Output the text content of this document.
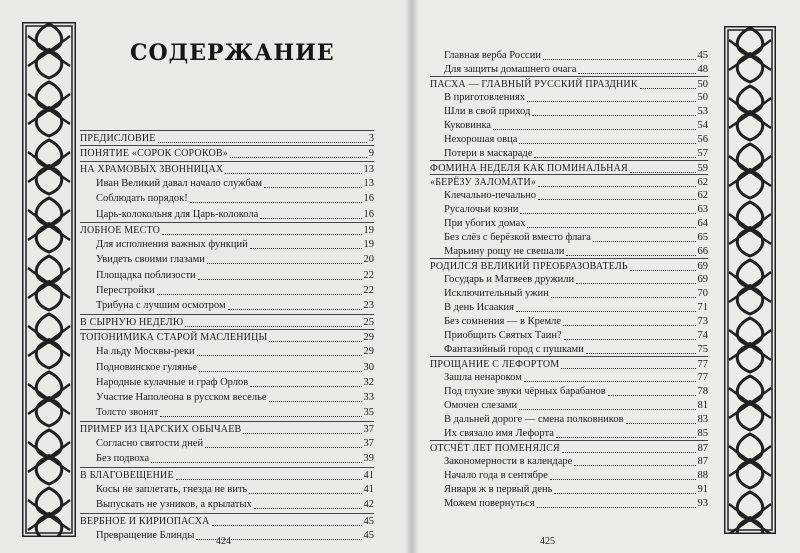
СОДЕРЖАНИЕ
ПРЕДИСЛОВИЕ	3
ПОНЯТИЕ «СОРОК СОРОКОВ»	9
НА ХРАМОВЫХ ЗВОННИЦАХ	13
Иван Великий давал начало службам	13
Соблюдать порядок!	16
Царь-колокольня для Царь-колокола	16
ЛОБНОЕ МЕСТО	19
Для исполнения важных функций	19
Увидеть своими глазами	20
Площадка поблизости	22
Перестройки	22
Трибуна с лучшим осмотром	23
В СЫРНУЮ НЕДЕЛЮ	25
ТОПОНИМИКА СТАРОЙ МАСЛЕНИЦЫ	29
На льду Москвы-реки	29
Подновинское гулянье	30
Народные кулачные и граф Орлов	32
Участие Наполеона в русском веселье	33
Толсто звонят	35
ПРИМЕР ИЗ ЦАРСКИХ ОБЫЧАЕВ	37
Согласно святости дней	37
Без подвоха	39
В БЛАГОВЕЩЕНИЕ	41
Косы не заплетать, гнезда не вить	41
Выпускать не узников, а крылатых	42
ВЕРБНОЕ И КИРИОПАСХА	45
Превращение Блинды	45
Главная верба России	45
Для защиты домашнего очага	48
ПАСХА — ГЛАВНЫЙ РУССКИЙ ПРАЗДНИК	50
В приготовлениях	50
Шли в свой приход	53
Куковинка	54
Нехорошая овца	56
Потери в маскараде	57
ФОМИНА НЕДЕЛЯ КАК ПОМИНАЛЬНАЯ	59
«БЕРЁЗУ ЗАЛОМАТИ»	62
Клечально-печально	62
Русалочьи козни	63
При убогих домах	64
Без слёз с берёзкой вместо флага	65
Марьину рощу не свешали	66
РОДИЛСЯ ВЕЛИКИЙ ПРЕОБРАЗОВАТЕЛЬ	69
Государь и Матвеев дружили	69
Исключительный ужин	70
В день Исаакия	71
Без сомнения — в Кремле	73
Приобщить Святых Таин?	74
Фантазийный город с пушками	75
ПРОЩАНИЕ С ЛЕФОРТОМ	77
Зашла ненароком	77
Под глухие звуки чёрных барабанов	78
Омочен слезами	81
В дальней дороге — смена полковников	83
Их связало имя Лефорта	85
ОТСЧЁТ ЛЕТ ПОМЕНЯЛСЯ	87
Закономерности в календаре	87
Начало года в сентябре	88
Января ж в первый день	91
Можем повернуться	93
424	425
